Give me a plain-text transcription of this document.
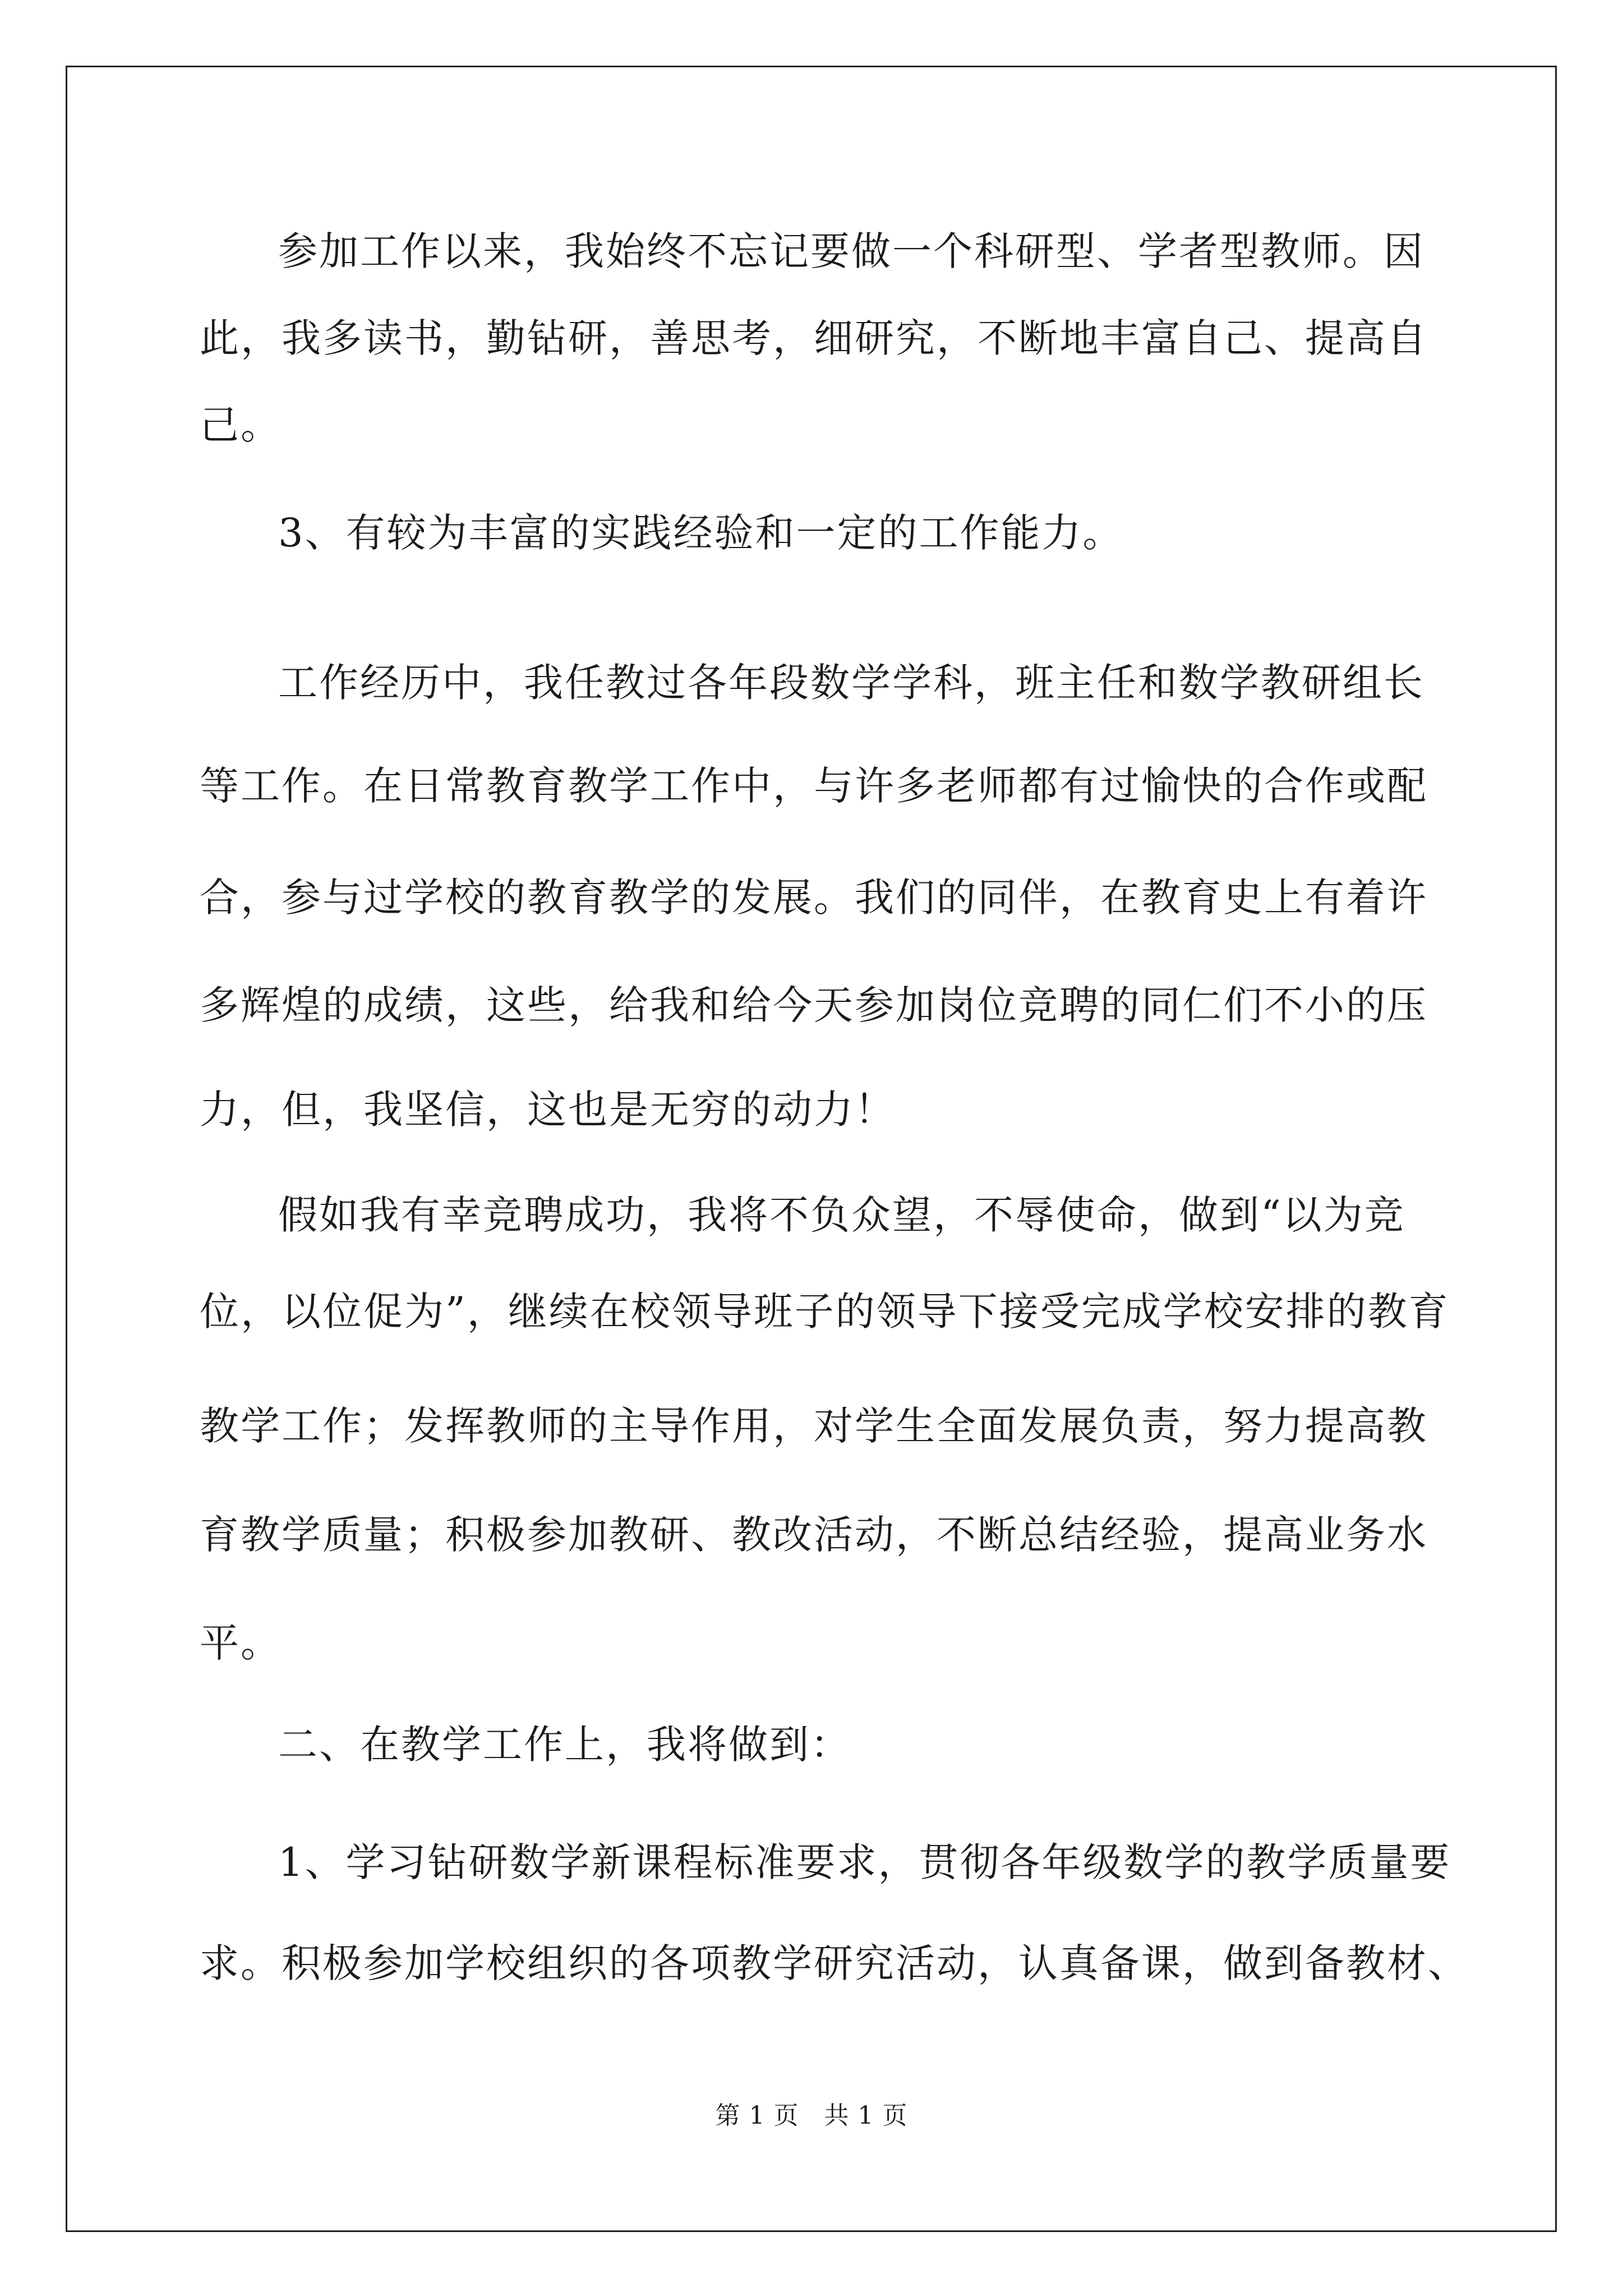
参加工作以来，我始终不忘记要做一个科研型、学者型教师。因
此，我多读书，勤钻研，善思考，细研究，不断地丰富自己、提高自
己。
3、有较为丰富的实践经验和一定的工作能力。
工作经历中，我任教过各年段数学学科，班主任和数学教研组长
等工作。在日常教育教学工作中，与许多老师都有过愉快的合作或配
合，参与过学校的教育教学的发展。我们的同伴，在教育史上有着许
多辉煌的成绩，这些，给我和给今天参加岗位竞聘的同仁们不小的压
力，但，我坚信，这也是无穷的动力！
假如我有幸竞聘成功，我将不负众望，不辱使命，做到“以为竞
位，以位促为”，继续在校领导班子的领导下接受完成学校安排的教育
教学工作；发挥教师的主导作用，对学生全面发展负责，努力提高教
育教学质量；积极参加教研、教改活动，不断总结经验，提高业务水
平。
二、在教学工作上，我将做到：
1、学习钻研数学新课程标准要求，贯彻各年级数学的教学质量要
求。积极参加学校组织的各项教学研究活动，认真备课，做到备教材、
第 1 页   共 1 页
